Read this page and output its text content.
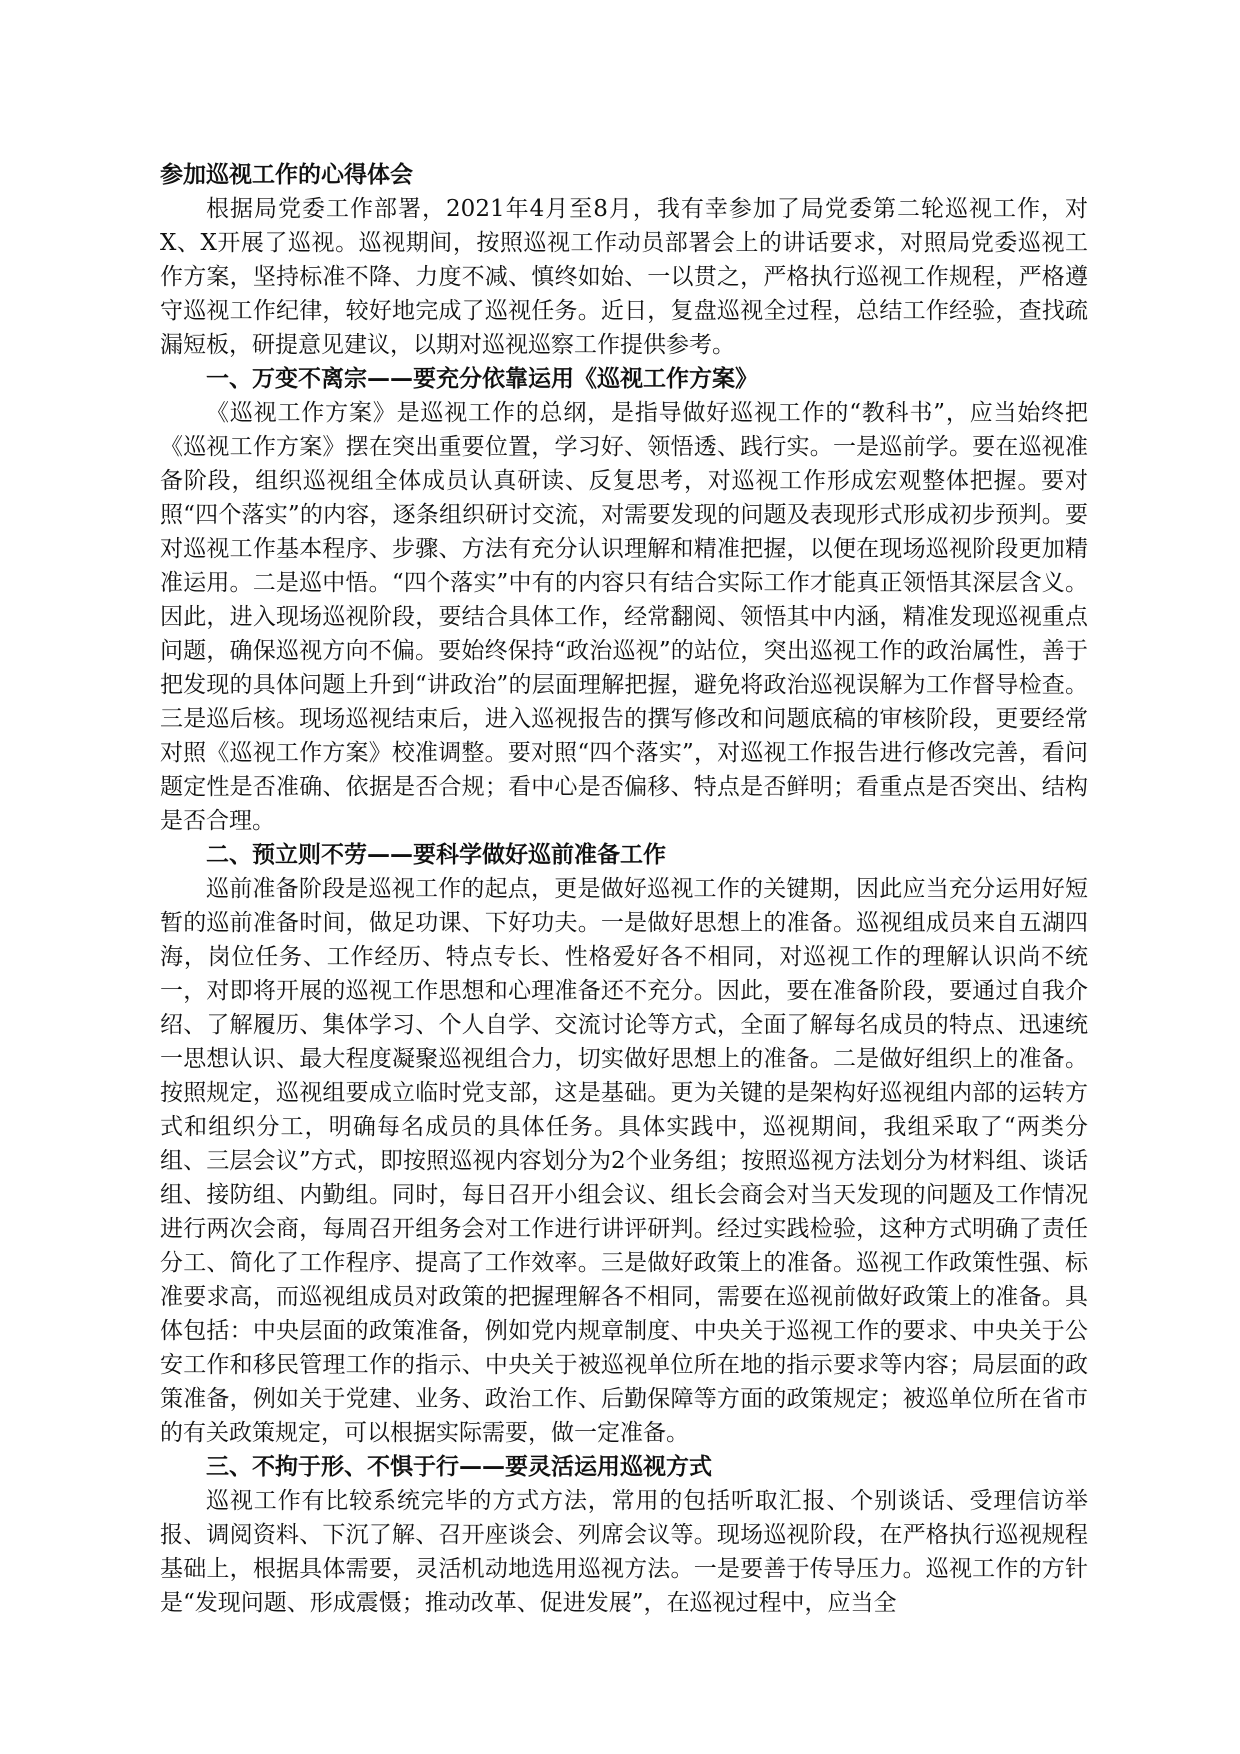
参加巡视工作的心得体会

根据局党委工作部署，2021年4月至8月，我有幸参加了局党委第二轮巡视工作，对X、X开展了巡视。巡视期间，按照巡视工作动员部署会上的讲话要求，对照局党委巡视工作方案，坚持标准不降、力度不减、慎终如始、一以贯之，严格执行巡视工作规程，严格遵守巡视工作纪律，较好地完成了巡视任务。近日，复盘巡视全过程，总结工作经验，查找疏漏短板，研提意见建议，以期对巡视巡察工作提供参考。

一、万变不离宗——要充分依靠运用《巡视工作方案》

《巡视工作方案》是巡视工作的总纲，是指导做好巡视工作的“教科书”，应当始终把《巡视工作方案》摆在突出重要位置，学习好、领悟透、践行实。一是巡前学。要在巡视准备阶段，组织巡视组全体成员认真研读、反复思考，对巡视工作形成宏观整体把握。要对照“四个落实”的内容，逐条组织研讨交流，对需要发现的问题及表现形式形成初步预判。要对巡视工作基本程序、步骤、方法有充分认识理解和精准把握，以便在现场巡视阶段更加精准运用。二是巡中悟。“四个落实”中有的内容只有结合实际工作才能真正领悟其深层含义。因此，进入现场巡视阶段，要结合具体工作，经常翻阅、领悟其中内涵，精准发现巡视重点问题，确保巡视方向不偏。要始终保持“政治巡视”的站位，突出巡视工作的政治属性，善于把发现的具体问题上升到“讲政治”的层面理解把握，避免将政治巡视误解为工作督导检查。三是巡后核。现场巡视结束后，进入巡视报告的撰写修改和问题底稿的审核阶段，更要经常对照《巡视工作方案》校准调整。要对照“四个落实”，对巡视工作报告进行修改完善，看问题定性是否准确、依据是否合规；看中心是否偏移、特点是否鲜明；看重点是否突出、结构是否合理。

二、预立则不劳——要科学做好巡前准备工作

巡前准备阶段是巡视工作的起点，更是做好巡视工作的关键期，因此应当充分运用好短暂的巡前准备时间，做足功课、下好功夫。一是做好思想上的准备。巡视组成员来自五湖四海，岗位任务、工作经历、特点专长、性格爱好各不相同，对巡视工作的理解认识尚不统一，对即将开展的巡视工作思想和心理准备还不充分。因此，要在准备阶段，要通过自我介绍、了解履历、集体学习、个人自学、交流讨论等方式，全面了解每名成员的特点、迅速统一思想认识、最大程度凝聚巡视组合力，切实做好思想上的准备。二是做好组织上的准备。按照规定，巡视组要成立临时党支部，这是基础。更为关键的是架构好巡视组内部的运转方式和组织分工，明确每名成员的具体任务。具体实践中，巡视期间，我组采取了“两类分组、三层会议”方式，即按照巡视内容划分为2个业务组；按照巡视方法划分为材料组、谈话组、接防组、内勤组。同时，每日召开小组会议、组长会商会对当天发现的问题及工作情况进行两次会商，每周召开组务会对工作进行讲评研判。经过实践检验，这种方式明确了责任分工、简化了工作程序、提高了工作效率。三是做好政策上的准备。巡视工作政策性强、标准要求高，而巡视组成员对政策的把握理解各不相同，需要在巡视前做好政策上的准备。具体包括：中央层面的政策准备，例如党内规章制度、中央关于巡视工作的要求、中央关于公安工作和移民管理工作的指示、中央关于被巡视单位所在地的指示要求等内容；局层面的政策准备，例如关于党建、业务、政治工作、后勤保障等方面的政策规定；被巡单位所在省市的有关政策规定，可以根据实际需要，做一定准备。

三、不拘于形、不惧于行——要灵活运用巡视方式

巡视工作有比较系统完毕的方式方法，常用的包括听取汇报、个别谈话、受理信访举报、调阅资料、下沉了解、召开座谈会、列席会议等。现场巡视阶段，在严格执行巡视规程基础上，根据具体需要，灵活机动地选用巡视方法。一是要善于传导压力。巡视工作的方针是“发现问题、形成震慑；推动改革、促进发展”，在巡视过程中，应当全
